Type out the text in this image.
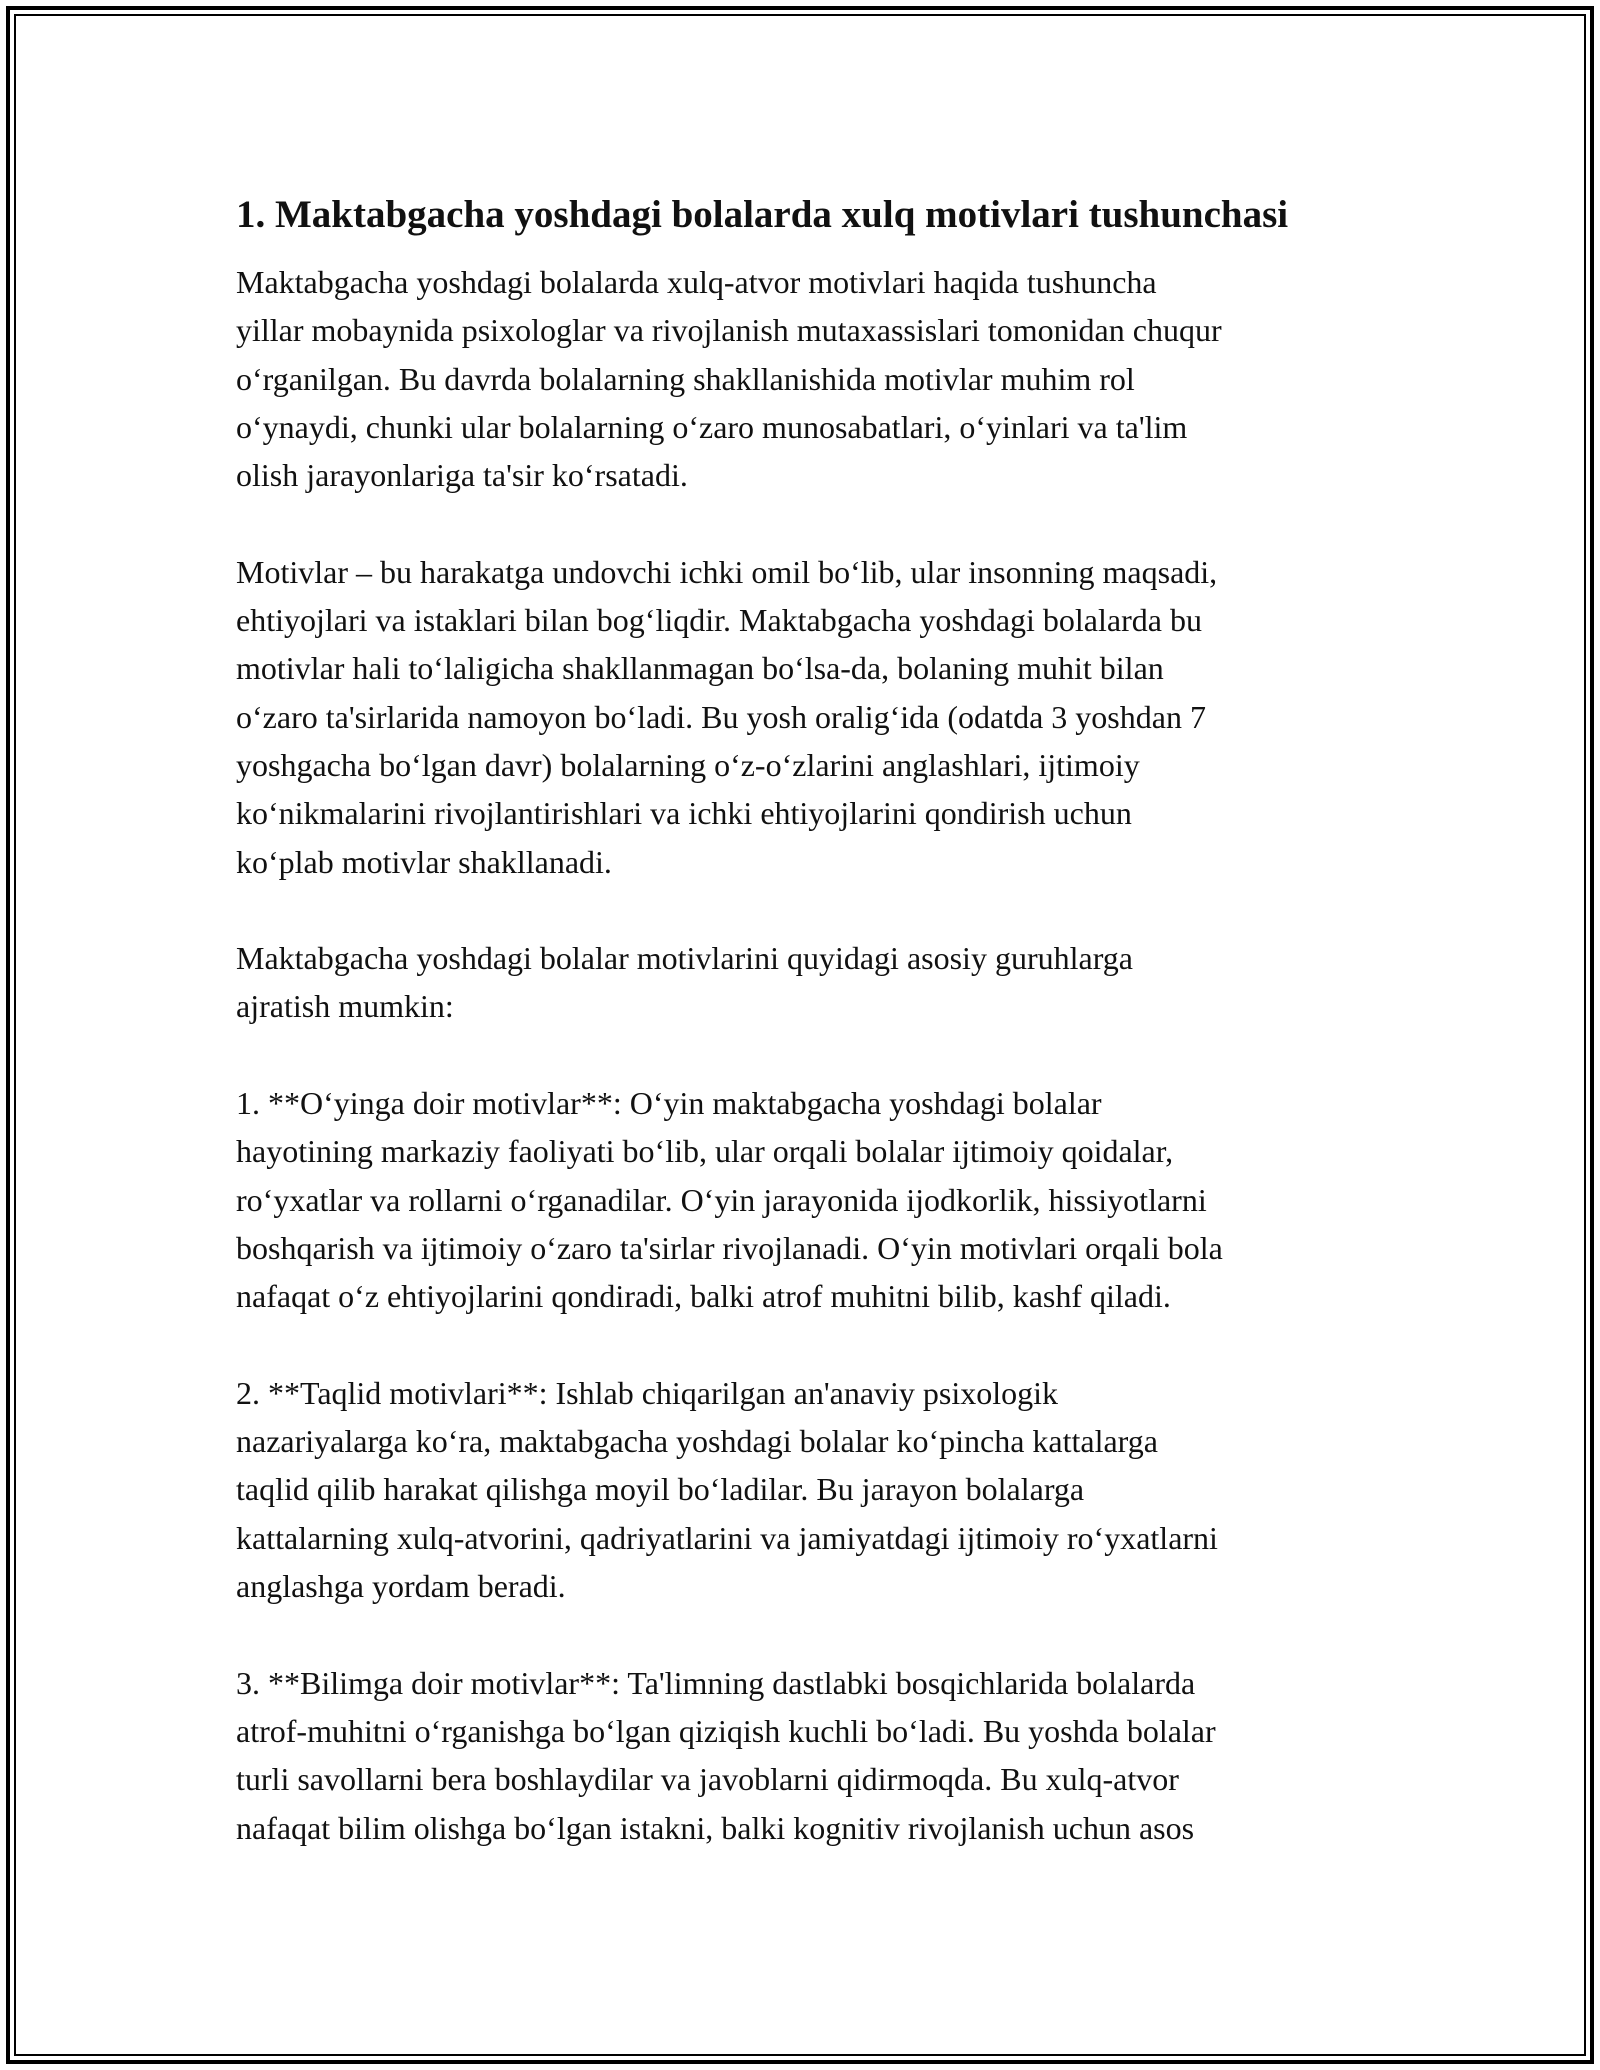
1. Maktabgacha yoshdagi bolalarda xulq motivlari tushunchasi

Maktabgacha yoshdagi bolalarda xulq-atvor motivlari haqida tushuncha
yillar mobaynida psixologlar va rivojlanish mutaxassislari tomonidan chuqur
o‘rganilgan. Bu davrda bolalarning shakllanishida motivlar muhim rol
o‘ynaydi, chunki ular bolalarning o‘zaro munosabatlari, o‘yinlari va ta'lim
olish jarayonlariga ta'sir ko‘rsatadi.

Motivlar – bu harakatga undovchi ichki omil bo‘lib, ular insonning maqsadi,
ehtiyojlari va istaklari bilan bog‘liqdir. Maktabgacha yoshdagi bolalarda bu
motivlar hali to‘laligicha shakllanmagan bo‘lsa-da, bolaning muhit bilan
o‘zaro ta'sirlarida namoyon bo‘ladi. Bu yosh oralig‘ida (odatda 3 yoshdan 7
yoshgacha bo‘lgan davr) bolalarning o‘z-o‘zlarini anglashlari, ijtimoiy
ko‘nikmalarini rivojlantirishlari va ichki ehtiyojlarini qondirish uchun
ko‘plab motivlar shakllanadi.

Maktabgacha yoshdagi bolalar motivlarini quyidagi asosiy guruhlarga
ajratish mumkin:

1. **O‘yinga doir motivlar**: O‘yin maktabgacha yoshdagi bolalar
hayotining markaziy faoliyati bo‘lib, ular orqali bolalar ijtimoiy qoidalar,
ro‘yxatlar va rollarni o‘rganadilar. O‘yin jarayonida ijodkorlik, hissiyotlarni
boshqarish va ijtimoiy o‘zaro ta'sirlar rivojlanadi. O‘yin motivlari orqali bola
nafaqat o‘z ehtiyojlarini qondiradi, balki atrof muhitni bilib, kashf qiladi.

2. **Taqlid motivlari**: Ishlab chiqarilgan an'anaviy psixologik
nazariyalarga ko‘ra, maktabgacha yoshdagi bolalar ko‘pincha kattalarga
taqlid qilib harakat qilishga moyil bo‘ladilar. Bu jarayon bolalarga
kattalarning xulq-atvorini, qadriyatlarini va jamiyatdagi ijtimoiy ro‘yxatlarni
anglashga yordam beradi.

3. **Bilimga doir motivlar**: Ta'limning dastlabki bosqichlarida bolalarda
atrof-muhitni o‘rganishga bo‘lgan qiziqish kuchli bo‘ladi. Bu yoshda bolalar
turli savollarni bera boshlaydilar va javoblarni qidirmoqda. Bu xulq-atvor
nafaqat bilim olishga bo‘lgan istakni, balki kognitiv rivojlanish uchun asos
